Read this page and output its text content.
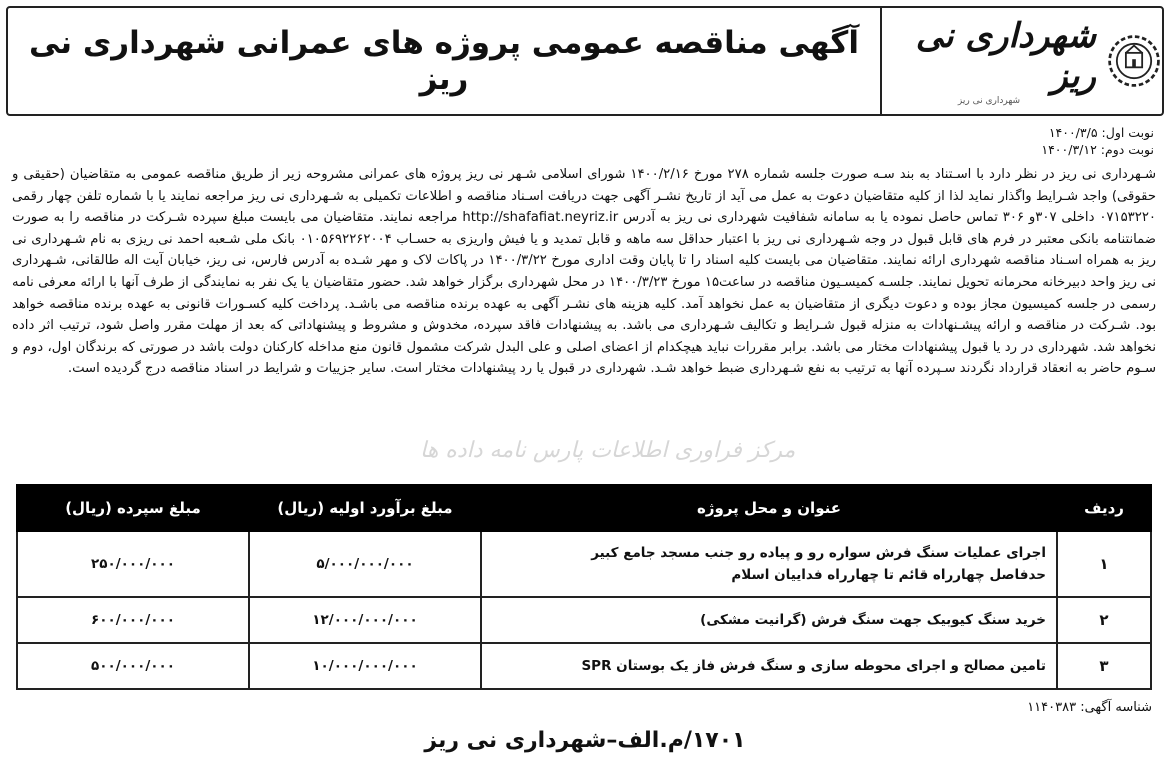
شهرداری نی ریز
شهرداری نی ریز
آگهی مناقصه عمومی پروژه های عمرانی شهرداری نی ریز
نوبت اول: ۱۴۰۰/۳/۵
نوبت دوم: ۱۴۰۰/۳/۱۲
شـهرداری نی ریز در نظر دارد با اسـتناد به بند سـه صورت جلسه شماره ۲۷۸ مورخ ۱۴۰۰/۲/۱۶ شورای اسلامی شـهر نی ریز پروژه های عمرانی مشروحه زیر از طریق مناقصه عمومی به متقاضیان (حقیقی و حقوقی) واجد شـرایط واگذار نماید لذا از کلیه متقاضیان دعوت به عمل می آید از تاریخ نشـر آگهی جهت دریافت اسـناد مناقصه و اطلاعات تکمیلی به شـهرداری نی ریز مراجعه نمایند یا با شماره تلفن چهار رقمی ۰۷۱۵۳۲۲۰ داخلی ۳۰۷و ۳۰۶ تماس حاصل نموده یا به سامانه شفافیت شهرداری نی ریز به آدرس http://shafafiat.neyriz.ir مراجعه نمایند. متقاضیان می بایست مبلغ سپرده شـرکت در مناقصه را به صورت ضمانتنامه بانکی معتبر در فرم های قابل قبول در وجه شـهرداری نی ریز با اعتبار حداقل سه ماهه و قابل تمدید و یا فیش واریزی به حسـاب ۰۱۰۵۶۹۲۲۶۲۰۰۴ بانک ملی شـعبه احمد نی ریزی به نام شـهرداری نی ریز به همراه اسـناد مناقصه شهرداری ارائه نمایند. متقاضیان می بایست کلیه اسناد را تا پایان وقت اداری مورخ ۱۴۰۰/۳/۲۲ در پاکات لاک و مهر شـده به آدرس فارس، نی ریز، خیابان آیت اله طالقانی، شـهرداری نی ریز واحد دبیرخانه محرمانه تحویل نمایند. جلسـه کمیسـیون مناقصه در ساعت۱۵ مورخ ۱۴۰۰/۳/۲۳ در محل شهرداری برگزار خواهد شد. حضور متقاضیان یا یک نفر به نمایندگی از طرف آنها با ارائه معرفی نامه رسمی در جلسه کمیسیون مجاز بوده و دعوت دیگری از متقاضیان به عمل نخواهد آمد. کلیه هزینه های نشـر آگهی به عهده برنده مناقصه می باشـد. پرداخت کلیه کسـورات قانونی به عهده برنده مناقصه خواهد بود. شـرکت در مناقصه و ارائه پیشـنهادات به منزله قبول شـرایط و تکالیف شـهرداری می باشد. به پیشنهادات فاقد سپرده، مخدوش و مشروط و پیشنهاداتی که بعد از مهلت مقرر واصل شود، ترتیب اثر داده نخواهد شد. شهرداری در رد یا قبول پیشنهادات مختار می باشد. برابر مقررات نباید هیچکدام از اعضای اصلی و علی البدل شرکت مشمول قانون منع مداخله کارکنان دولت باشد در صورتی که برندگان اول، دوم و سـوم حاضر به انعقاد قرارداد نگردند سـپرده آنها به ترتیب به نفع شـهرداری ضبط خواهد شـد. شهرداری در قبول یا رد پیشنهادات مختار است. سایر جزییات و شرایط در اسناد مناقصه درج گردیده است.
مرکز فراوری اطلاعات پارس نامه داده ها
ردیف	عنوان و محل پروژه	مبلغ برآورد اولیه (ریال)	مبلغ سپرده (ریال)
۱	اجرای عملیات سنگ فرش سواره رو و پیاده رو جنب مسجد جامع کبیر
حدفاصل چهارراه قائم تا چهارراه فداییان اسلام	۵/۰۰۰/۰۰۰/۰۰۰	۲۵۰/۰۰۰/۰۰۰
۲	خرید سنگ کیوبیک جهت سنگ فرش (گرانیت مشکی)	۱۲/۰۰۰/۰۰۰/۰۰۰	۶۰۰/۰۰۰/۰۰۰
۳	تامین مصالح و اجرای محوطه سازی و سنگ فرش فاز یک بوستان SPR	۱۰/۰۰۰/۰۰۰/۰۰۰	۵۰۰/۰۰۰/۰۰۰
شناسه آگهی: ۱۱۴۰۳۸۳
۱۷۰۱/م.الف–شهرداری نی ریز
